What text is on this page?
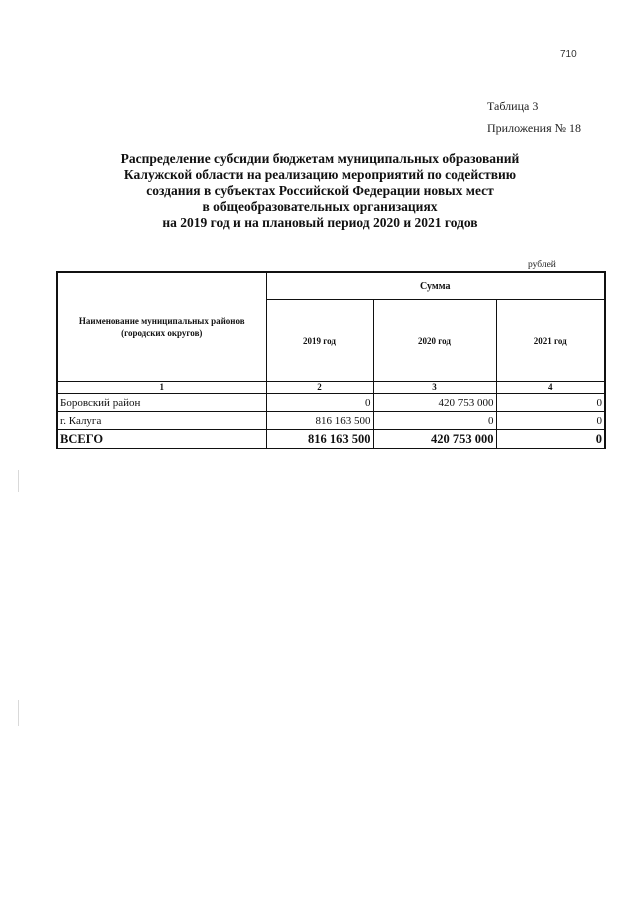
710
Таблица 3
Приложения № 18
Распределение субсидии бюджетам муниципальных образований
Калужской области на реализацию мероприятий по содействию
создания в субъектах Российской Федерации новых мест
в общеобразовательных организациях
на 2019 год и на плановый период 2020 и 2021 годов
рублей
Наименование муниципальных районов (городских округов)	Сумма		
	2019 год	2020 год	2021 год
1	2	3	4
Боровский район	0	420 753 000	0
г. Калуга	816 163 500	0	0
ВСЕГО	816 163 500	420 753 000	0
